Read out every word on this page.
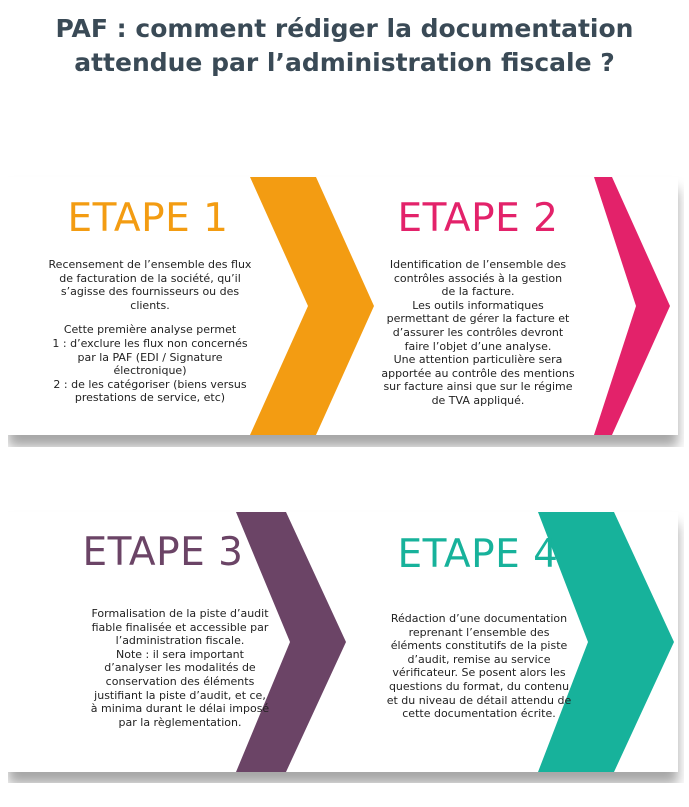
PAF : comment rédiger la documentation
attendue par l’administration fiscale ?

ETAPE 1

Recensement de l’ensemble des flux
de facturation de la société, qu’il
s’agisse des fournisseurs ou des
clients.
Cette première analyse permet
1 : d’exclure les flux non concernés
par la PAF (EDI / Signature
électronique)
2 : de les catégoriser (biens versus
prestations de service, etc)

ETAPE 2

Identification de l’ensemble des
contrôles associés à la gestion
de la facture.
Les outils informatiques
permettant de gérer la facture et
d’assurer les contrôles devront
faire l’objet d’une analyse.
Une attention particulière sera
apportée au contrôle des mentions
sur facture ainsi que sur le régime
de TVA appliqué.

ETAPE 3

Formalisation de la piste d’audit
fiable finalisée et accessible par
l’administration fiscale.
Note : il sera important
d’analyser les modalités de
conservation des éléments
justifiant la piste d’audit, et ce,
à minima durant le délai imposé
par la règlementation.

ETAPE 4

Rédaction d’une documentation
reprenant l’ensemble des
éléments constitutifs de la piste
d’audit, remise au service
vérificateur. Se posent alors les
questions du format, du contenu
et du niveau de détail attendu de
cette documentation écrite.
